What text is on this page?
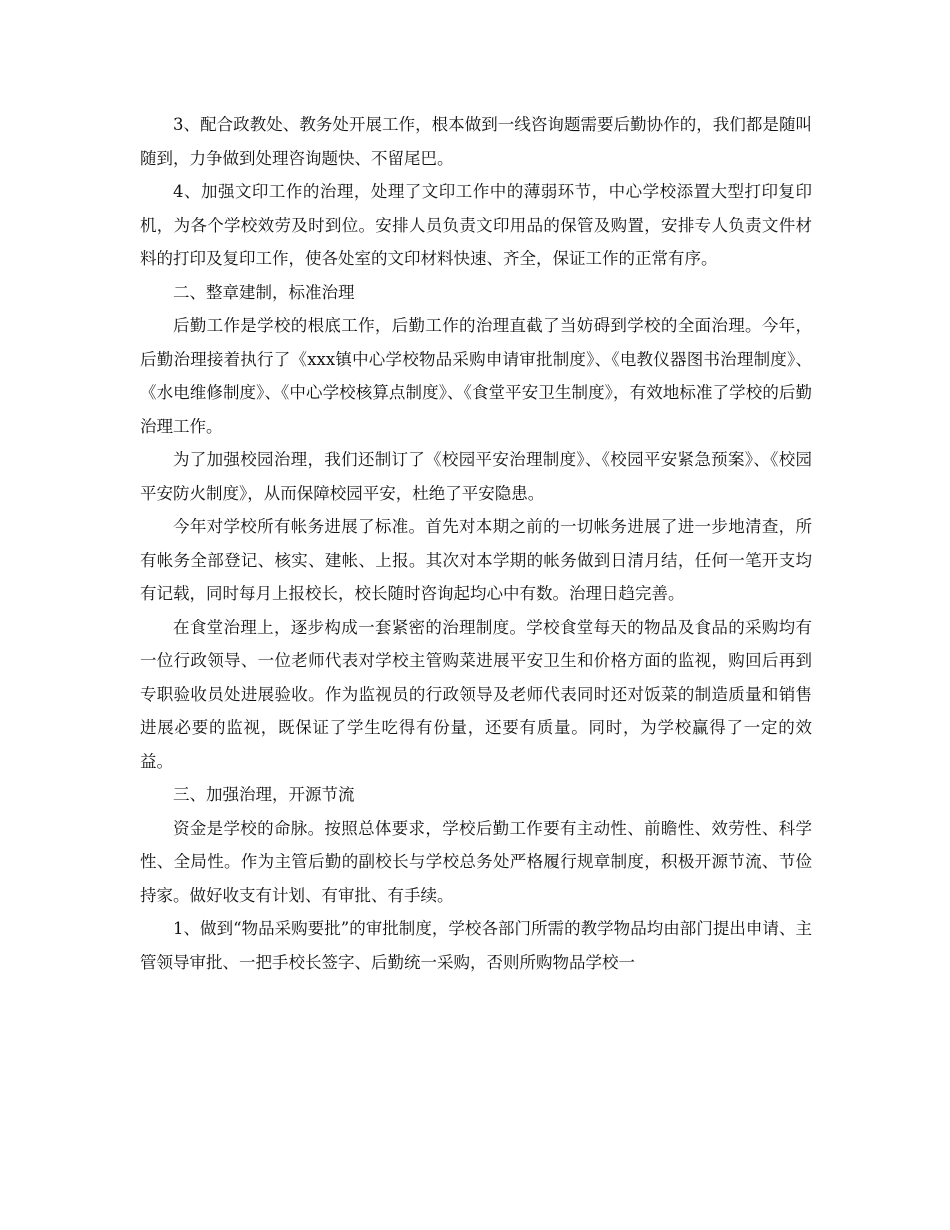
3、配合政教处、教务处开展工作，根本做到一线咨询题需要后勤协作的，我们都是随叫随到，力争做到处理咨询题快、不留尾巴。

4、加强文印工作的治理，处理了文印工作中的薄弱环节，中心学校添置大型打印复印机，为各个学校效劳及时到位。安排人员负责文印用品的保管及购置，安排专人负责文件材料的打印及复印工作，使各处室的文印材料快速、齐全，保证工作的正常有序。

二、整章建制，标准治理

后勤工作是学校的根底工作，后勤工作的治理直截了当妨碍到学校的全面治理。今年，后勤治理接着执行了《xxx镇中心学校物品采购申请审批制度》、《电教仪器图书治理制度》、《水电维修制度》、《中心学校核算点制度》、《食堂平安卫生制度》，有效地标准了学校的后勤治理工作。

为了加强校园治理，我们还制订了《校园平安治理制度》、《校园平安紧急预案》、《校园平安防火制度》，从而保障校园平安，杜绝了平安隐患。

今年对学校所有帐务进展了标准。首先对本期之前的一切帐务进展了进一步地清查，所有帐务全部登记、核实、建帐、上报。其次对本学期的帐务做到日清月结，任何一笔开支均有记载，同时每月上报校长，校长随时咨询起均心中有数。治理日趋完善。

在食堂治理上，逐步构成一套紧密的治理制度。学校食堂每天的物品及食品的采购均有一位行政领导、一位老师代表对学校主管购菜进展平安卫生和价格方面的监视，购回后再到专职验收员处进展验收。作为监视员的行政领导及老师代表同时还对饭菜的制造质量和销售进展必要的监视，既保证了学生吃得有份量，还要有质量。同时，为学校赢得了一定的效益。

三、加强治理，开源节流

资金是学校的命脉。按照总体要求，学校后勤工作要有主动性、前瞻性、效劳性、科学性、全局性。作为主管后勤的副校长与学校总务处严格履行规章制度，积极开源节流、节俭持家。做好收支有计划、有审批、有手续。

1、做到“物品采购要批”的审批制度，学校各部门所需的教学物品均由部门提出申请、主管领导审批、一把手校长签字、后勤统一采购，否则所购物品学校一
